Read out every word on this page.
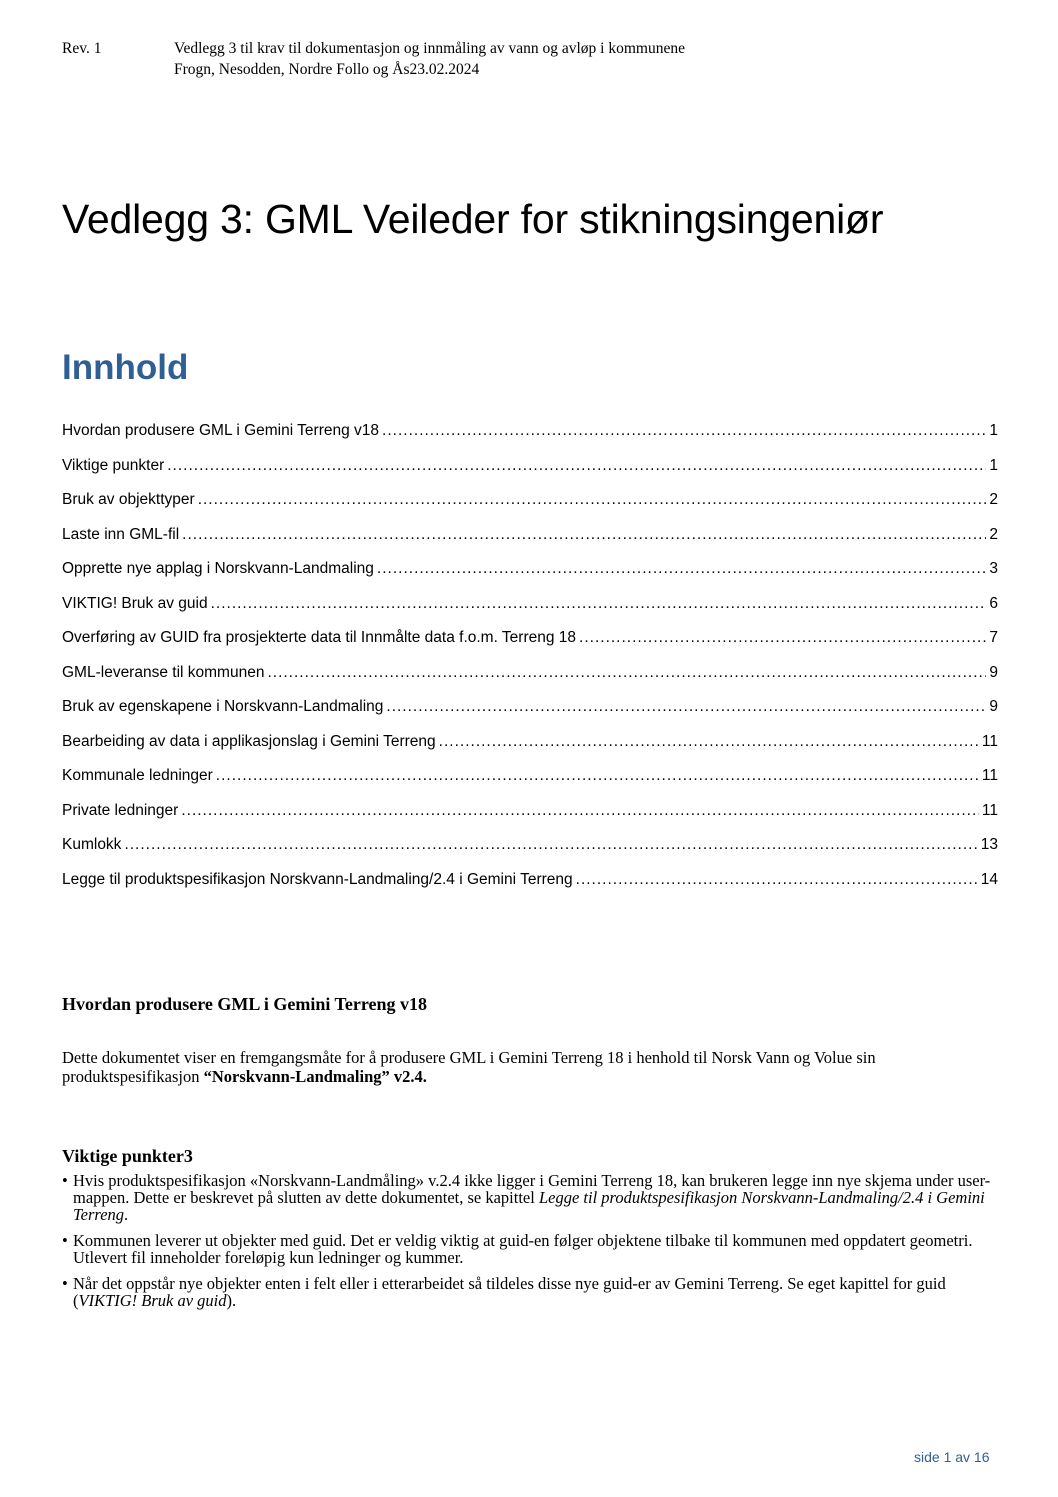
Rev. 1	Vedlegg 3 til krav til dokumentasjon og innmåling av vann og avløp i kommunene
Frogn, Nesodden, Nordre Follo og Ås23.02.2024
Vedlegg 3: GML Veileder for stikningsingeniør
Innhold
Hvordan produsere GML i Gemini Terreng v18 .....	1
Viktige punkter .....	1
Bruk av objekttyper .....	2
Laste inn GML-fil .....	2
Opprette nye applag i Norskvann-Landmaling .....	3
VIKTIG! Bruk av guid .....	6
Overføring av GUID fra prosjekterte data til Innmålte data f.o.m. Terreng 18 .....	7
GML-leveranse til kommunen .....	9
Bruk av egenskapene i Norskvann-Landmaling .....	9
Bearbeiding av data i applikasjonslag i Gemini Terreng .....	11
Kommunale ledninger .....	11
Private ledninger .....	11
Kumlokk .....	13
Legge til produktspesifikasjon Norskvann-Landmaling/2.4 i Gemini Terreng .....	14
Hvordan produsere GML i Gemini Terreng v18

Dette dokumentet viser en fremgangsmåte for å produsere GML i Gemini Terreng 18 i henhold til Norsk Vann og Volue sin produktspesifikasjon “Norskvann-Landmaling” v2.4.

Viktige punkter3
• Hvis produktspesifikasjon «Norskvann-Landmåling» v.2.4 ikke ligger i Gemini Terreng 18, kan brukeren legge inn nye skjema under user-mappen. Dette er beskrevet på slutten av dette dokumentet, se kapittel Legge til produktspesifikasjon Norskvann-Landmaling/2.4 i Gemini Terreng.
• Kommunen leverer ut objekter med guid. Det er veldig viktig at guid-en følger objektene tilbake til kommunen med oppdatert geometri. Utlevert fil inneholder foreløpig kun ledninger og kummer.
• Når det oppstår nye objekter enten i felt eller i etterarbeidet så tildeles disse nye guid-er av Gemini Terreng. Se eget kapittel for guid (VIKTIG! Bruk av guid).
side 1 av 16
